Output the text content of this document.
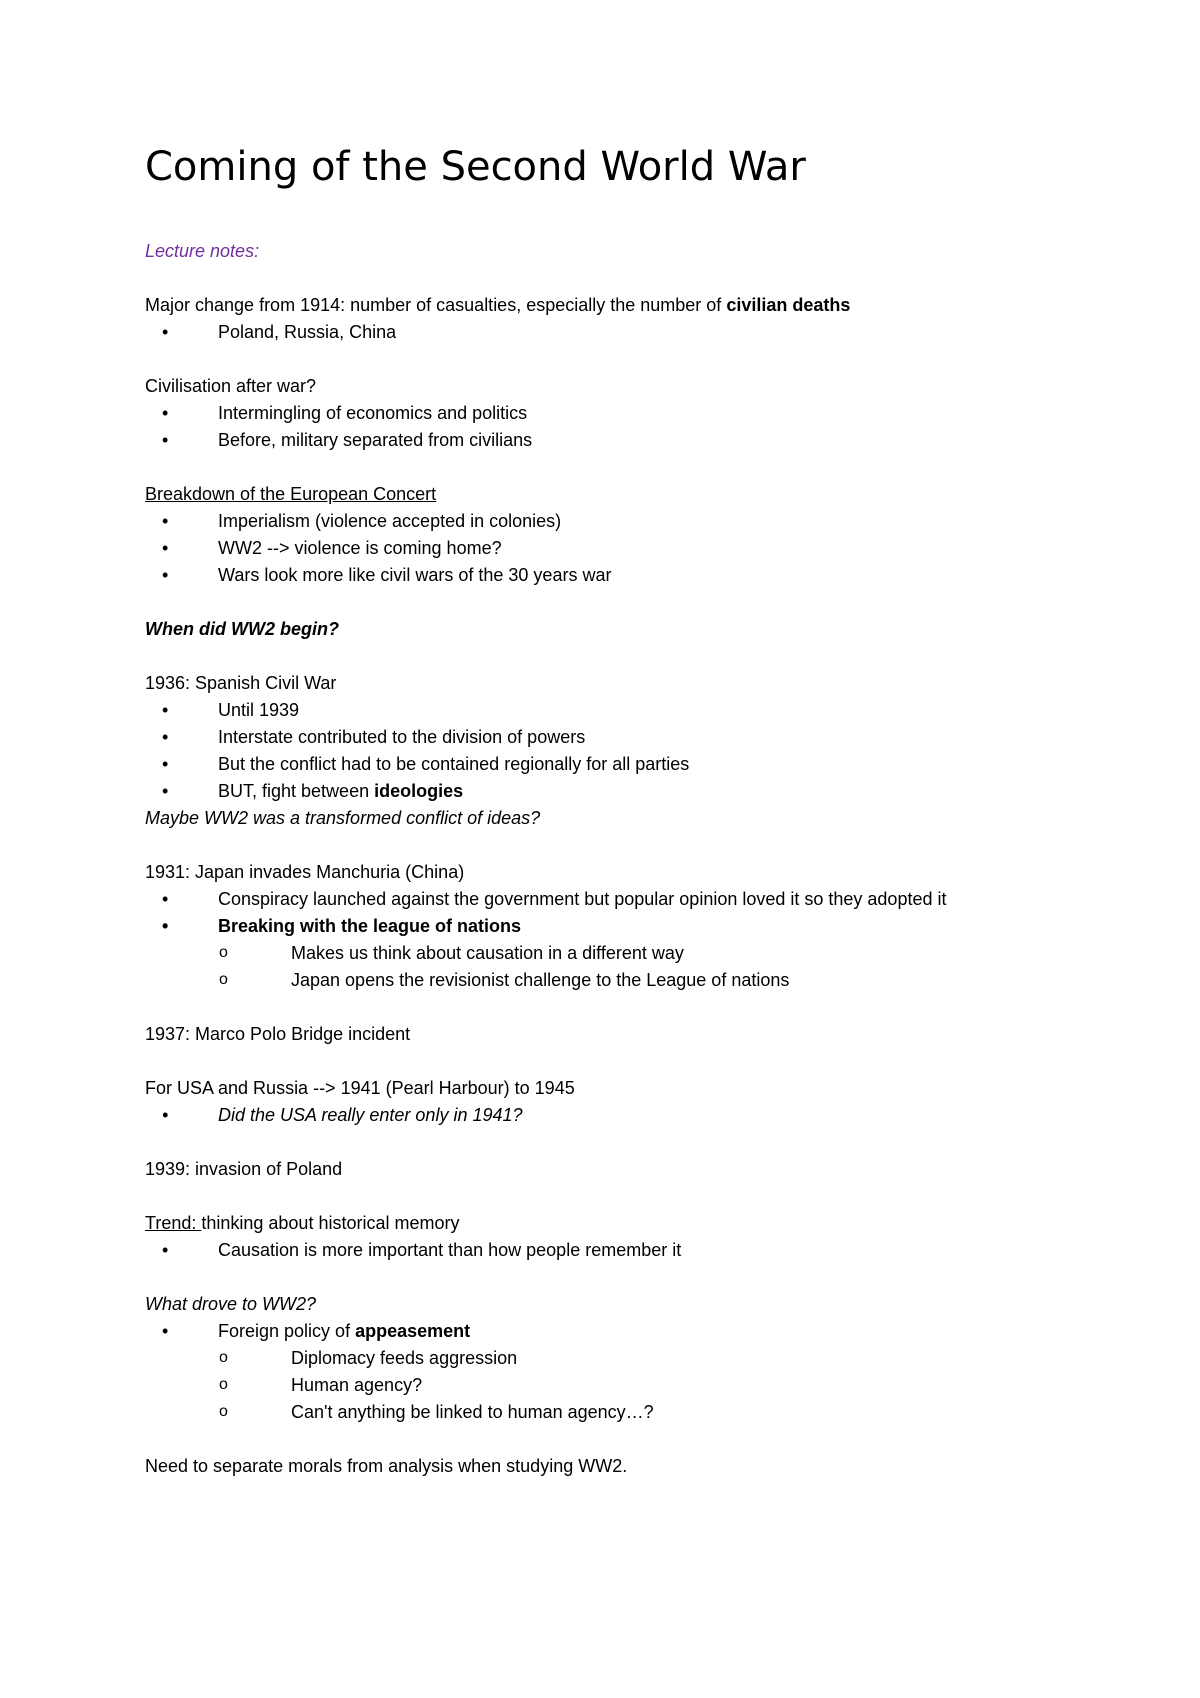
Coming of the Second World War
Lecture notes:
Major change from 1914: number of casualties, especially the number of civilian deaths
•	Poland, Russia, China
Civilisation after war?
•	Intermingling of economics and politics
•	Before, military separated from civilians
Breakdown of the European Concert
•	Imperialism (violence accepted in colonies)
•	WW2 --> violence is coming home?
•	Wars look more like civil wars of the 30 years war
When did WW2 begin?
1936: Spanish Civil War
•	Until 1939
•	Interstate contributed to the division of powers
•	But the conflict had to be contained regionally for all parties
•	BUT, fight between ideologies
Maybe WW2 was a transformed conflict of ideas?
1931: Japan invades Manchuria (China)
•	Conspiracy launched against the government but popular opinion loved it so they adopted it
•	Breaking with the league of nations
o	Makes us think about causation in a different way
o	Japan opens the revisionist challenge to the League of nations
1937: Marco Polo Bridge incident
For USA and Russia --> 1941 (Pearl Harbour) to 1945
•	Did the USA really enter only in 1941?
1939: invasion of Poland
Trend: thinking about historical memory
•	Causation is more important than how people remember it
What drove to WW2?
•	Foreign policy of appeasement
o	Diplomacy feeds aggression
o	Human agency?
o	Can't anything be linked to human agency…?
Need to separate morals from analysis when studying WW2.
